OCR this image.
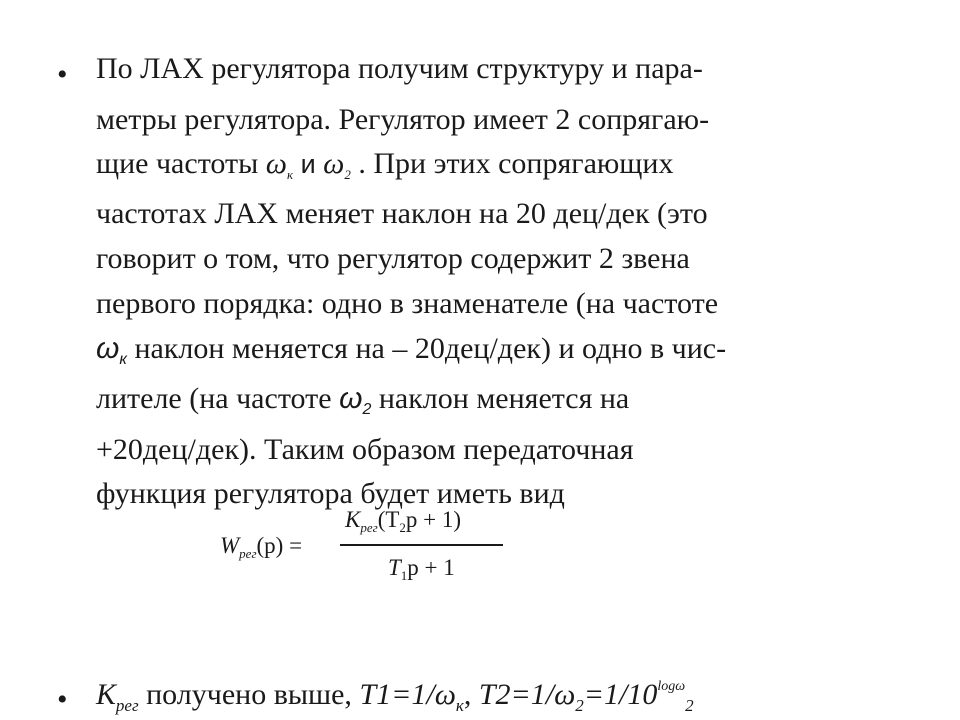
• По ЛАХ регулятора получим структуру и пара-
метры регулятора. Регулятор имеет 2 сопрягаю-
щие частоты $\omega_к$ и $\omega_2$ . При этих сопрягающих
частотах ЛАХ меняет наклон на 20 дец/дек (это
говорит о том, что регулятор содержит 2 звена
первого порядка: одно в знаменателе (на частоте
$\omega_к$ наклон меняется на – 20дец/дек) и одно в чис-
лителе (на частоте $\omega_2$ наклон меняется на
+20дец/дек). Таким образом передаточная
функция регулятора будет иметь вид
$W_{рег}(p)$ =
$K_{рег}(T_2p + 1)$
$T_1p + 1$
• $К_{рег}$ получено выше, $T1=1/\omega_к$, $T2=1/\omega_2=1/10^{log\omega}_2$
